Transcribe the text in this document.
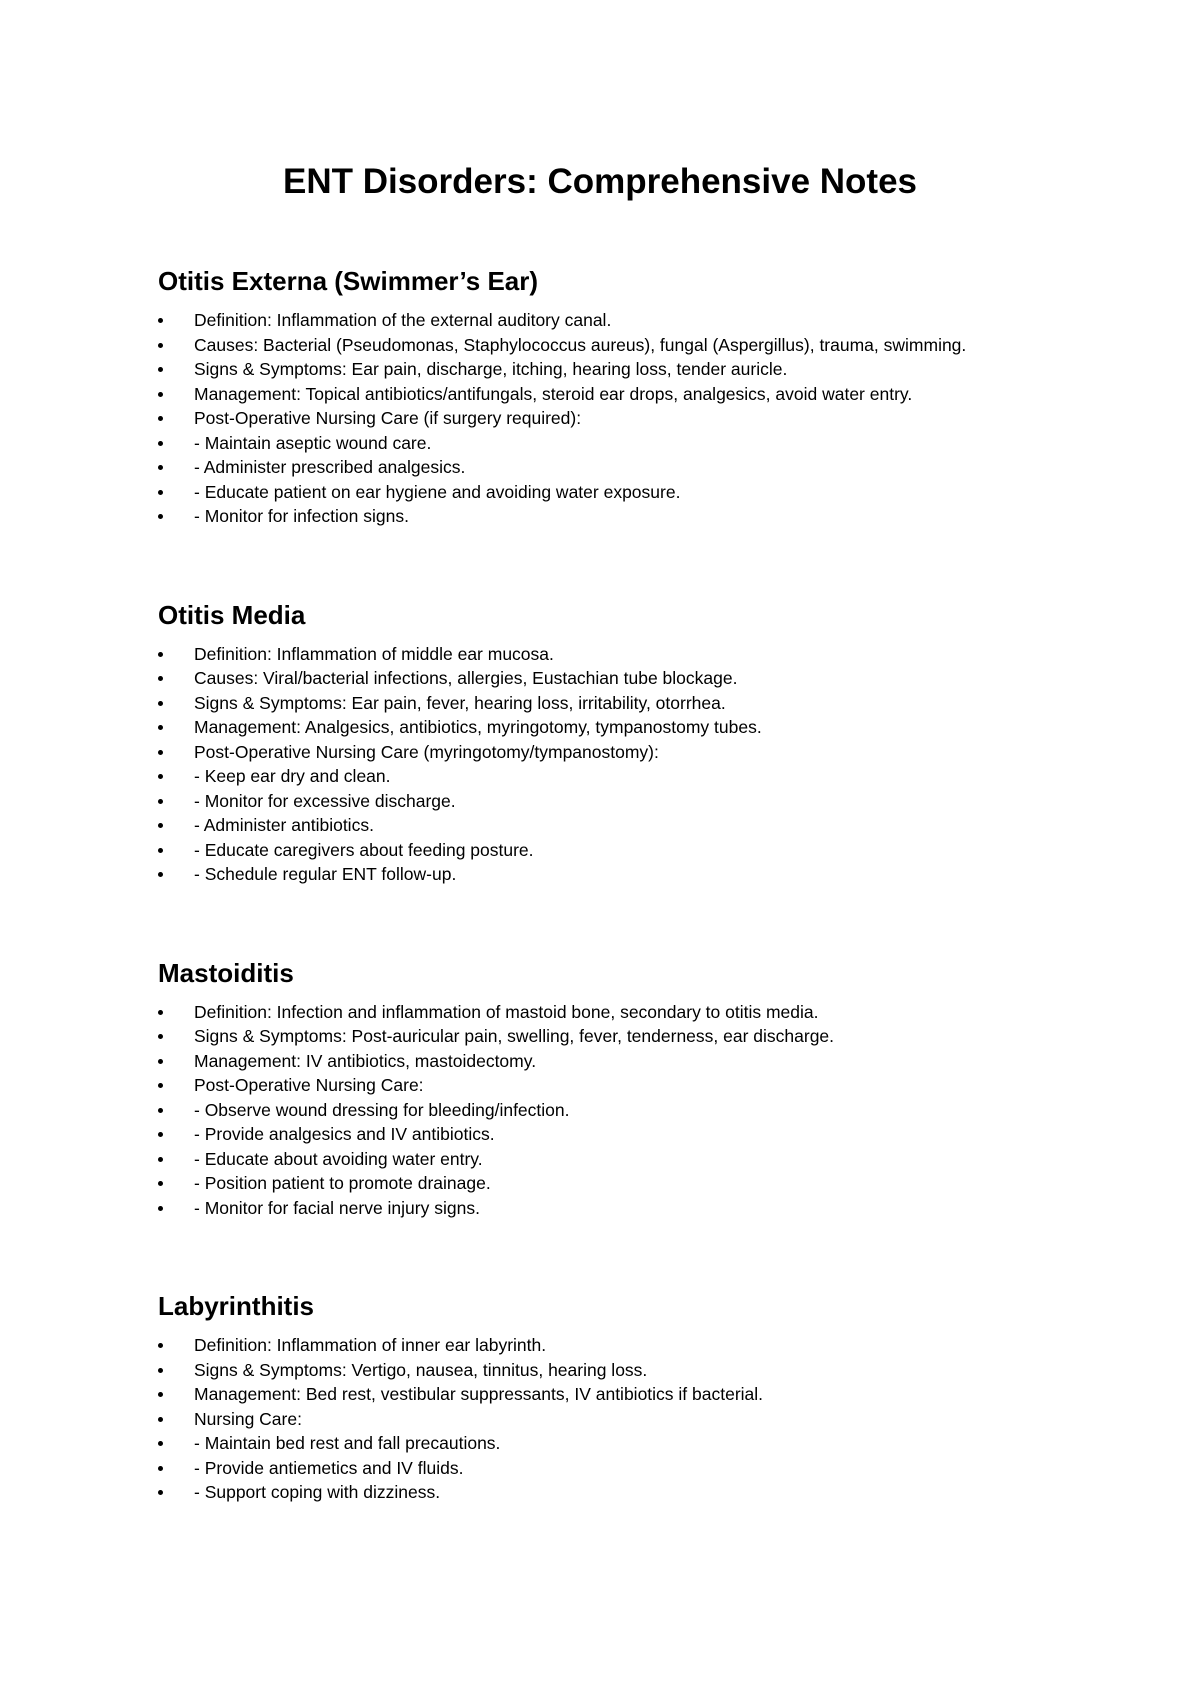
ENT Disorders: Comprehensive Notes
Otitis Externa (Swimmer’s Ear)
Definition: Inflammation of the external auditory canal.
Causes: Bacterial (Pseudomonas, Staphylococcus aureus), fungal (Aspergillus), trauma, swimming.
Signs & Symptoms: Ear pain, discharge, itching, hearing loss, tender auricle.
Management: Topical antibiotics/antifungals, steroid ear drops, analgesics, avoid water entry.
Post-Operative Nursing Care (if surgery required):
- Maintain aseptic wound care.
- Administer prescribed analgesics.
- Educate patient on ear hygiene and avoiding water exposure.
- Monitor for infection signs.
Otitis Media
Definition: Inflammation of middle ear mucosa.
Causes: Viral/bacterial infections, allergies, Eustachian tube blockage.
Signs & Symptoms: Ear pain, fever, hearing loss, irritability, otorrhea.
Management: Analgesics, antibiotics, myringotomy, tympanostomy tubes.
Post-Operative Nursing Care (myringotomy/tympanostomy):
- Keep ear dry and clean.
- Monitor for excessive discharge.
- Administer antibiotics.
- Educate caregivers about feeding posture.
- Schedule regular ENT follow-up.
Mastoiditis
Definition: Infection and inflammation of mastoid bone, secondary to otitis media.
Signs & Symptoms: Post-auricular pain, swelling, fever, tenderness, ear discharge.
Management: IV antibiotics, mastoidectomy.
Post-Operative Nursing Care:
- Observe wound dressing for bleeding/infection.
- Provide analgesics and IV antibiotics.
- Educate about avoiding water entry.
- Position patient to promote drainage.
- Monitor for facial nerve injury signs.
Labyrinthitis
Definition: Inflammation of inner ear labyrinth.
Signs & Symptoms: Vertigo, nausea, tinnitus, hearing loss.
Management: Bed rest, vestibular suppressants, IV antibiotics if bacterial.
Nursing Care:
- Maintain bed rest and fall precautions.
- Provide antiemetics and IV fluids.
- Support coping with dizziness.
